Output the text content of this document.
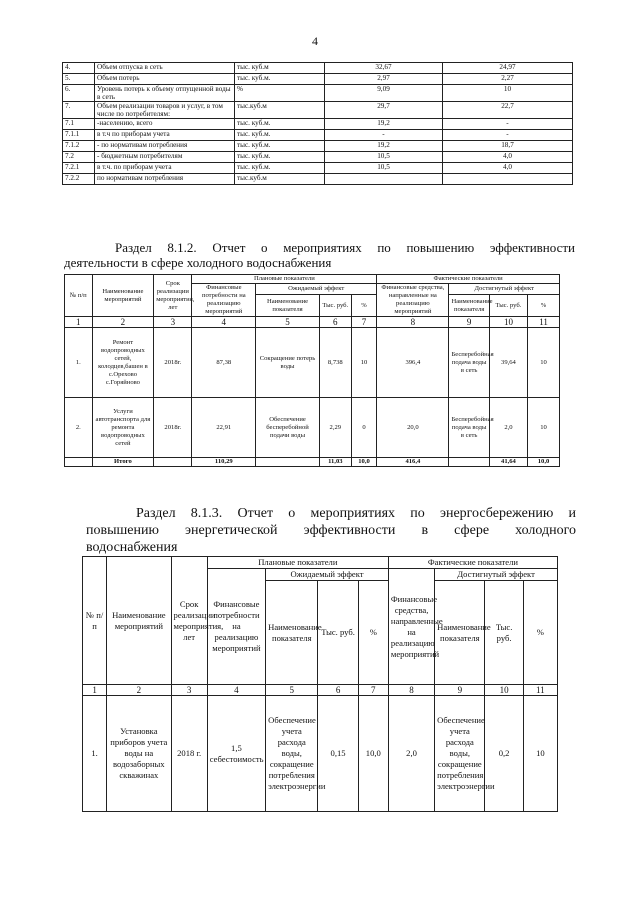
4
4.	Объем отпуска в сеть	тыс. куб.м	32,67	24,97
5.	Объем потерь	тыс. куб.м.	2,97	2,27
6.	Уровень потерь к объему отпущенной воды в сеть	%	9,09	10
7.	Объем реализации товаров и услуг, в том числе по потребителям:	тыс.куб.м	29,7	22,7
7.1	-населению, всего	тыс. куб.м.	19,2	-
7.1.1	в т.ч по приборам учета	тыс. куб.м.	-	-
7.1.2	- по нормативам потребления	тыс. куб.м.	19,2	18,7
7.2	- бюджетным потребителям	тыс. куб.м.	10,5	4,0
7.2.1	в т.ч. по приборам учета	тыс. куб.м.	10,5	4,0
7.2.2	по нормативам потребления	тыс.куб.м		
Раздел 8.1.2. Отчет о мероприятиях по повышению эффективности
деятельности в сфере холодного водоснабжения
№ п/п	Наименование мероприятий	Срок реализации мероприятия, лет	Плановые показатели				Фактические показатели			
			Финансовые потребности на реализацию мероприятий	Ожидаемый эффект			Финансовые средства, направленные на реализацию мероприятий	Достигнутый эффект		
				Наименование показателя	Тыс. руб.	%		Наименование показателя	Тыс. руб.	%
1	2	3	4	5	6	7	8	9	10	11
1.	Ремонт водопроводных сетей, колодцев,башен в с.Орехово с.Горяйново	2018г.	87,38	Сокращение потерь воды	8,738	10	396,4	Бесперебойная подача воды в сеть	39,64	10
2.	Услуги автотранспорта для ремонта водопроводных сетей	2018г.	22,91	Обеспечение бесперебойной подачи воды	2,29	0	20,0	Бесперебойная подача воды в сеть	2,0	10
	Итого		110,29		11,03	10,0	416,4		41,64	10,0
Раздел 8.1.3. Отчет о мероприятиях по энергосбережению и
повышению энергетической эффективности в сфере холодного
водоснабжения
№ п/п	Наименование мероприятий	Срок реализации мероприятия, лет	Плановые показатели				Фактические показатели			
			Финансовые потребности на реализацию мероприятий	Ожидаемый эффект			Финансовые средства, направленные на реализацию мероприятий	Достигнутый эффект		
				Наименование показателя	Тыс. руб.	%		Наименование показателя	Тыс. руб.	%
1	2	3	4	5	6	7	8	9	10	11
1.	Установка приборов учета воды на водозаборных скважинах	2018 г.	1,5 себестоимость	Обеспечение учета расхода воды, сокращение потребления электроэнергии	0,15	10,0	2,0	Обеспечение учета расхода воды, сокращение потребления электроэнергии	0,2	10
